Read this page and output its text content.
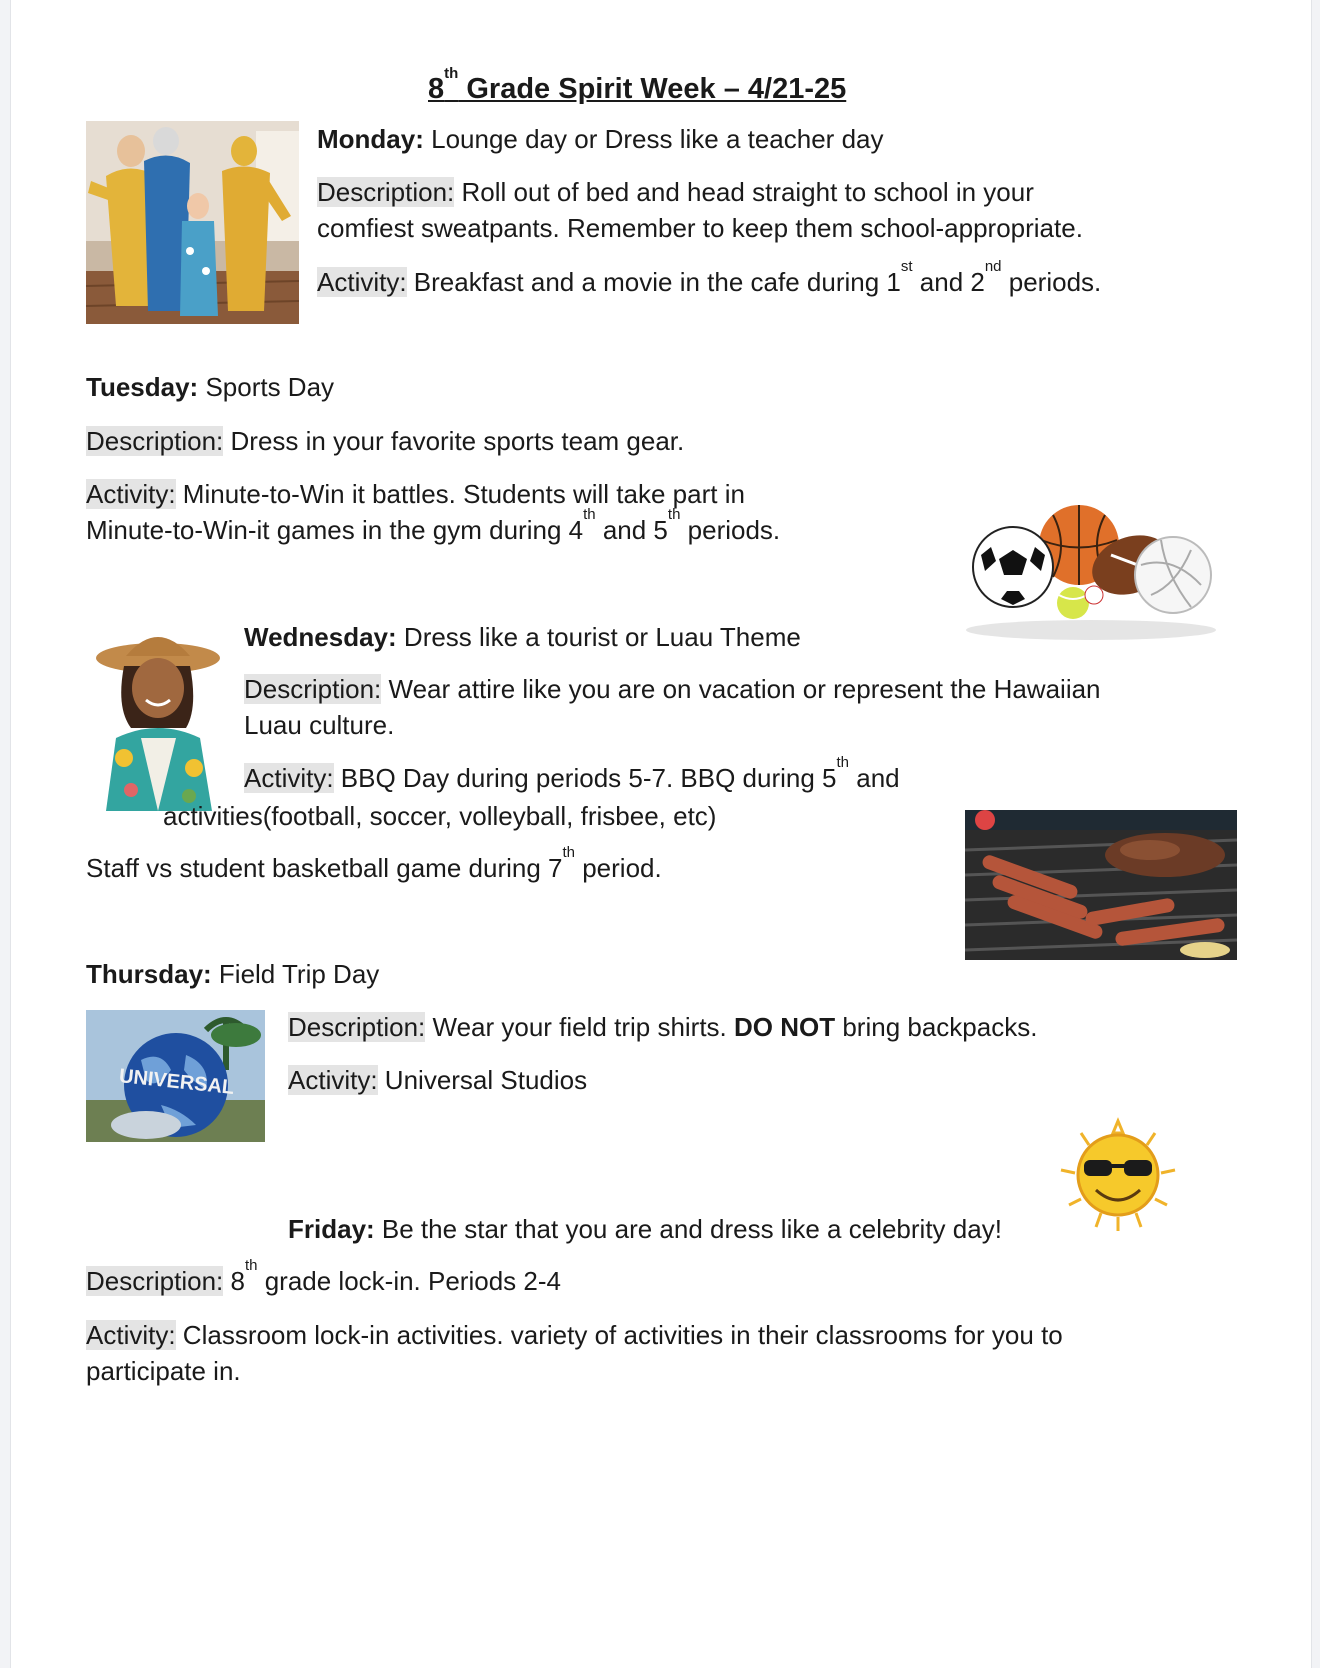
8th Grade Spirit Week – 4/21-25
Monday: Lounge day or Dress like a teacher day
Description: Roll out of bed and head straight to school in your
comfiest sweatpants. Remember to keep them school-appropriate.
Activity: Breakfast and a movie in the cafe during 1st and 2nd periods.
Tuesday: Sports Day
Description: Dress in your favorite sports team gear.
Activity: Minute-to-Win it battles. Students will take part in
Minute-to-Win-it games in the gym during 4th and 5th periods.
Wednesday: Dress like a tourist or Luau Theme
Description: Wear attire like you are on vacation or represent the Hawaiian
Luau culture.
Activity: BBQ Day during periods 5-7. BBQ during 5th and
activities(football, soccer, volleyball, frisbee, etc)
Staff vs student basketball game during 7th period.
Thursday: Field Trip Day
UNIVERSAL
Description: Wear your field trip shirts. DO NOT bring backpacks.
Activity: Universal Studios
Friday: Be the star that you are and dress like a celebrity day!
Description: 8th grade lock-in. Periods 2-4
Activity: Classroom lock-in activities. variety of activities in their classrooms for you to
participate in.
